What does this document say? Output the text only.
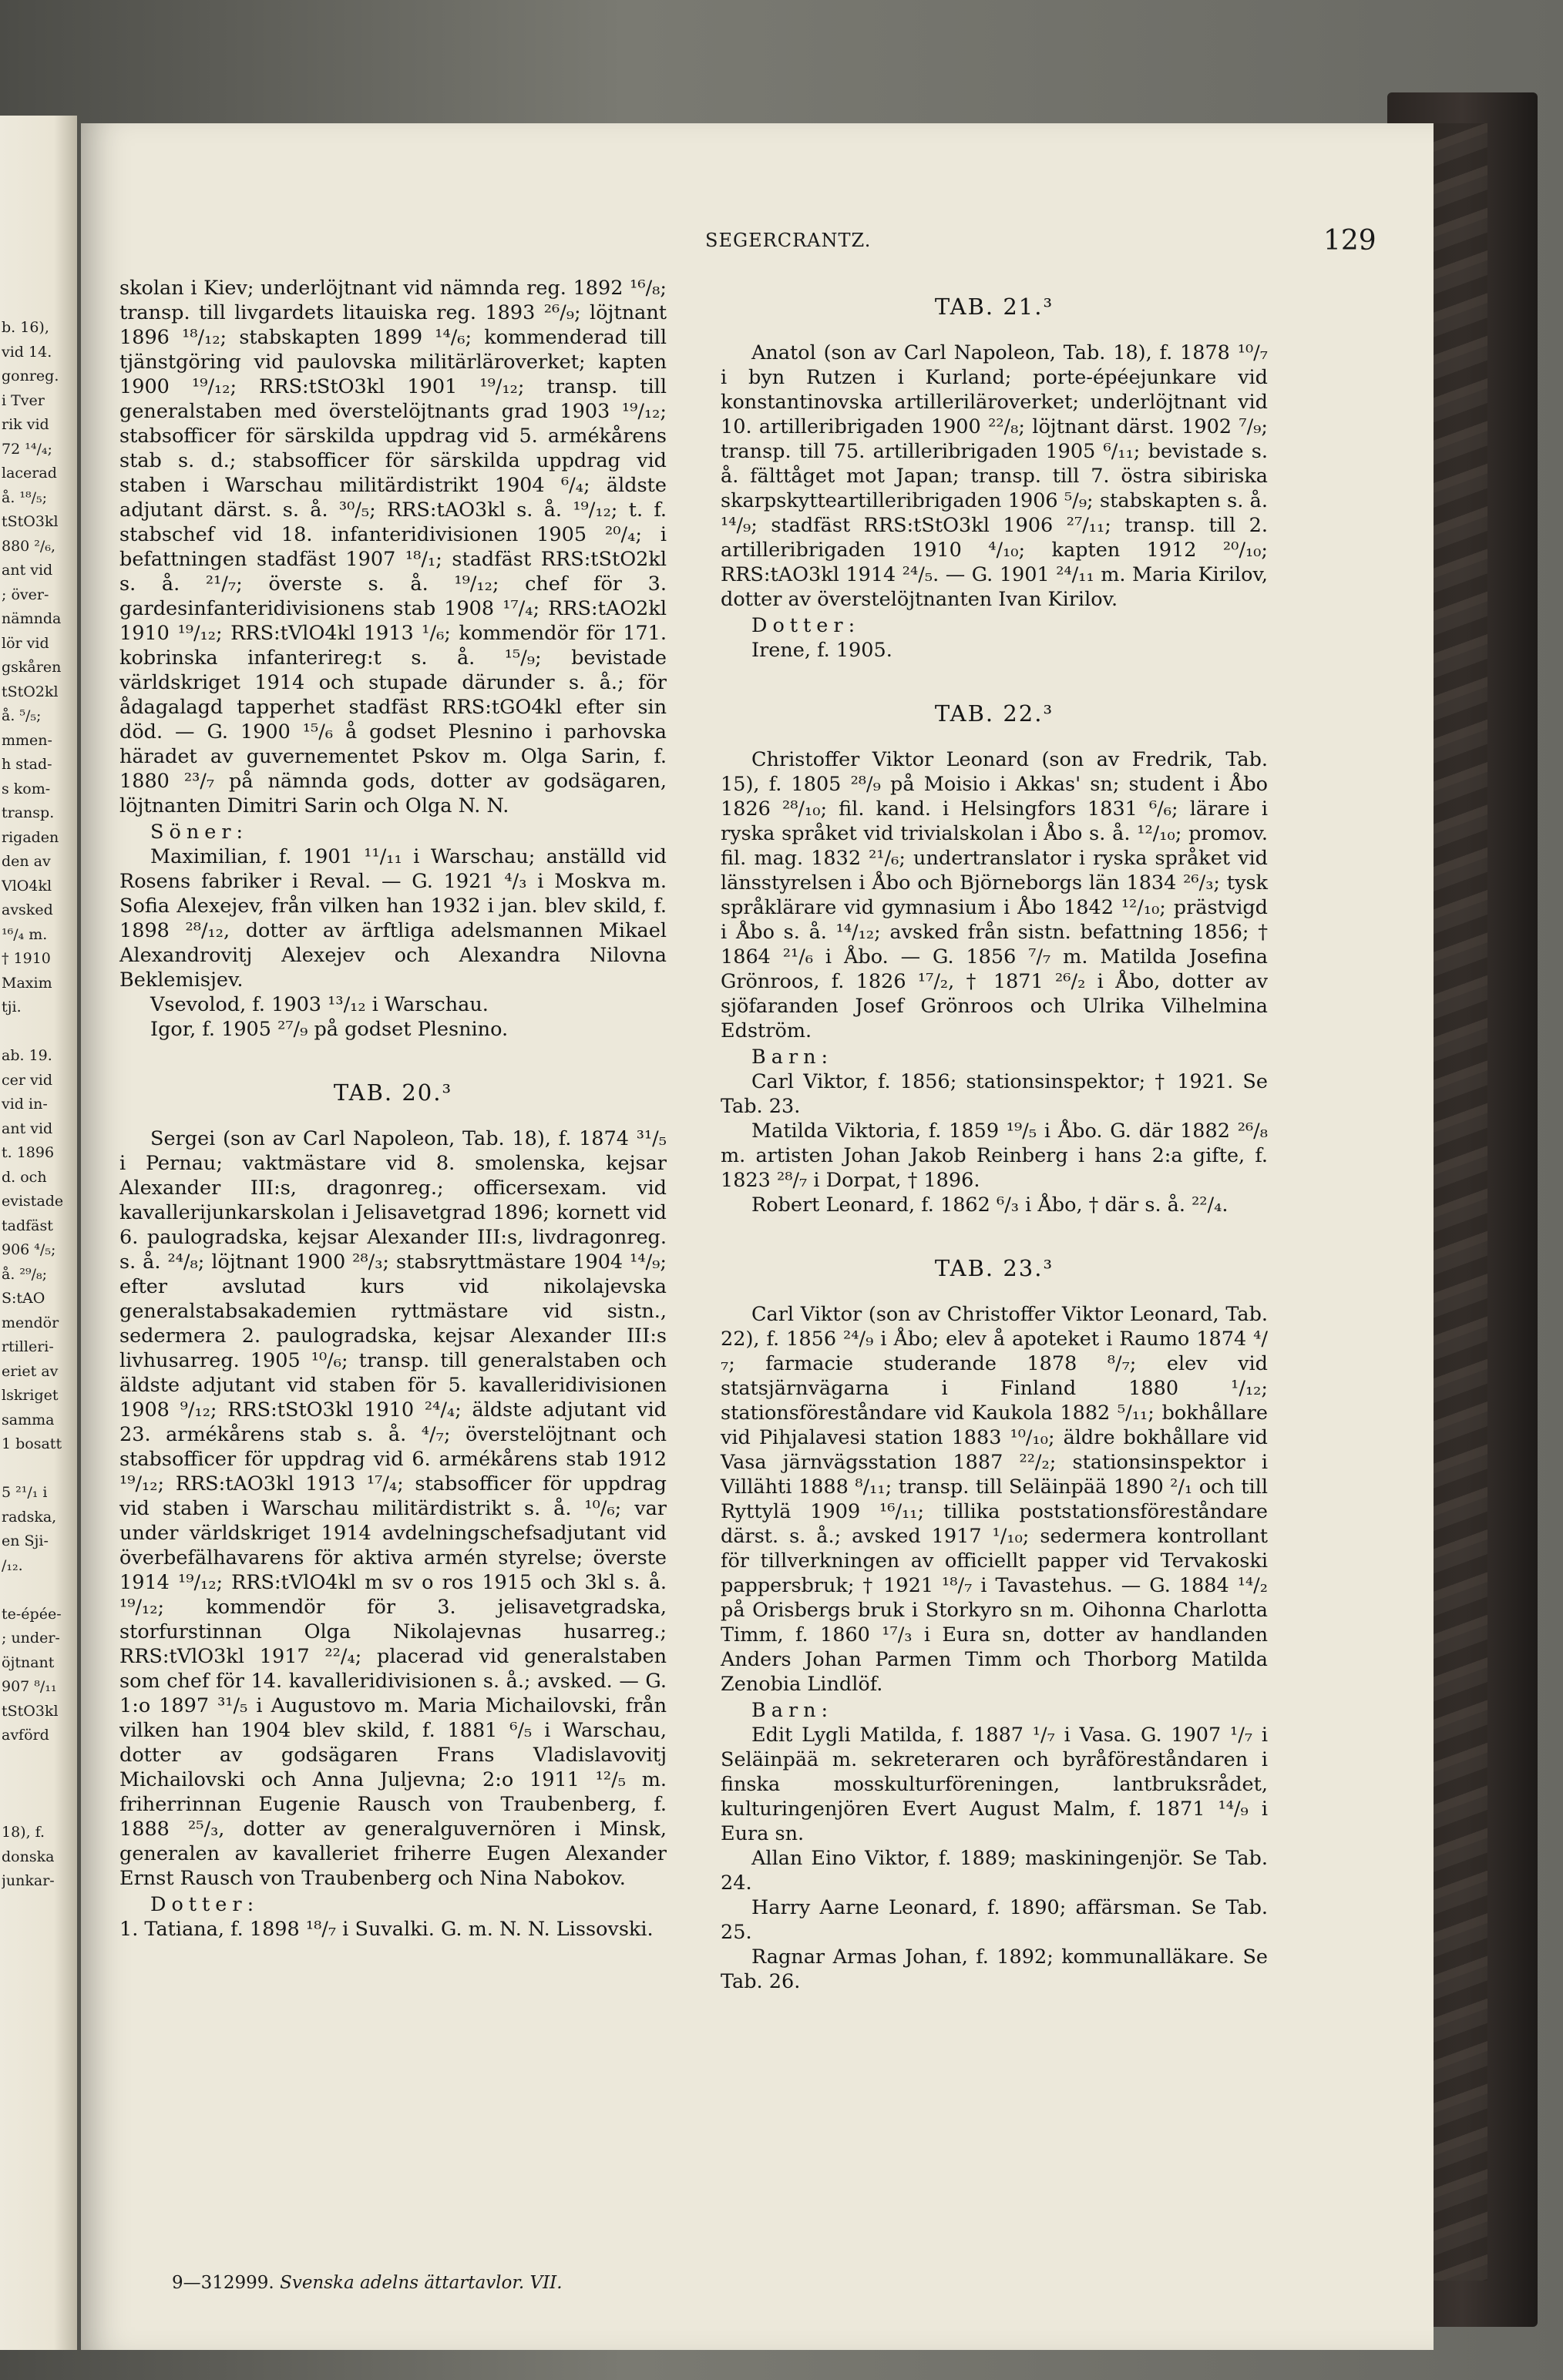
b. 16),
vid 14.
gonreg.
i Tver
rik vid
72 ¹⁴/₄;
lacerad
å. ¹⁸/₅;
tStO3kl
880 ²/₆,
ant vid
; över-
nämnda
lör vid
gskåren
tStO2kl
å. ⁵/₅;
mmen-
h stad-
s kom-
transp.
rigaden
den av
VlO4kl
avsked
¹⁶/₄ m.
† 1910
Maxim
tji.
ab. 19.
cer vid
vid in-
ant vid
t. 1896
d. och
evistade
tadfäst
906 ⁴/₅;
å. ²⁹/₈;
S:tAO
mendör
rtilleri-
eriet av
lskriget
samma
1 bosatt
5 ²¹/₁ i
radska,
en Sji-
/₁₂.
te-épée-
; under-
öjtnant
907 ⁸/₁₁
tStO3kl
avförd
18), f.
donska
junkar-
SEGERCRANTZ.	129

skolan i Kiev; underlöjtnant vid nämnda reg. 1892 ¹⁶/₈; transp. till livgardets litauiska reg. 1893 ²⁶/₉; löjtnant 1896 ¹⁸/₁₂; stabskapten 1899 ¹⁴/₆; kommenderad till tjänstgöring vid paulovska militärläroverket; kapten 1900 ¹⁹/₁₂; RRS:tStO3kl 1901 ¹⁹/₁₂; transp. till generalstaben med överstelöjtnants grad 1903 ¹⁹/₁₂; stabsofficer för särskilda uppdrag vid 5. armékårens stab s. d.; stabsofficer för särskilda uppdrag vid staben i Warschau militärdistrikt 1904 ⁶/₄; äldste adjutant därst. s. å. ³⁰/₅; RRS:tAO3kl s. å. ¹⁹/₁₂; t. f. stabschef vid 18. infanteridivisionen 1905 ²⁰/₄; i befattningen stadfäst 1907 ¹⁸/₁; stadfäst RRS:tStO2kl s. å. ²¹/₇; överste s. å. ¹⁹/₁₂; chef för 3. gardesinfanteridivisionens stab 1908 ¹⁷/₄; RRS:tAO2kl 1910 ¹⁹/₁₂; RRS:tVlO4kl 1913 ¹/₆; kommendör för 171. kobrinska infanterireg:t s. å. ¹⁵/₉; bevistade världskriget 1914 och stupade därunder s. å.; för ådagalagd tapperhet stadfäst RRS:tGO4kl efter sin död. — G. 1900 ¹⁵/₆ å godset Plesnino i parhovska häradet av guvernementet Pskov m. Olga Sarin, f. 1880 ²³/₇ på nämnda gods, dotter av godsägaren, löjtnanten Dimitri Sarin och Olga N. N.

Söner:

Maximilian, f. 1901 ¹¹/₁₁ i Warschau; anställd vid Rosens fabriker i Reval. — G. 1921 ⁴/₃ i Moskva m. Sofia Alexejev, från vilken han 1932 i jan. blev skild, f. 1898 ²⁸/₁₂, dotter av ärftliga adelsmannen Mikael Alexandrovitj Alexejev och Alexandra Nilovna Beklemisjev.

Vsevolod, f. 1903 ¹³/₁₂ i Warschau.

Igor, f. 1905 ²⁷/₉ på godset Plesnino.

TAB. 20.³

Sergei (son av Carl Napoleon, Tab. 18), f. 1874 ³¹/₅ i Pernau; vaktmästare vid 8. smolenska, kejsar Alexander III:s, dragonreg.; officersexam. vid kavallerijunkarskolan i Jelisavetgrad 1896; kornett vid 6. paulogradska, kejsar Alexander III:s, livdragonreg. s. å. ²⁴/₈; löjtnant 1900 ²⁸/₃; stabsryttmästare 1904 ¹⁴/₉; efter avslutad kurs vid nikolajevska generalstabsakademien ryttmästare vid sistn., sedermera 2. paulogradska, kejsar Alexander III:s livhusarreg. 1905 ¹⁰/₆; transp. till generalstaben och äldste adjutant vid staben för 5. kavalleridivisionen 1908 ⁹/₁₂; RRS:tStO3kl 1910 ²⁴/₄; äldste adjutant vid 23. armékårens stab s. å. ⁴/₇; överstelöjtnant och stabsofficer för uppdrag vid 6. armékårens stab 1912 ¹⁹/₁₂; RRS:tAO3kl 1913 ¹⁷/₄; stabsofficer för uppdrag vid staben i Warschau militärdistrikt s. å. ¹⁰/₆; var under världskriget 1914 avdelningschefsadjutant vid överbefälhavarens för aktiva armén styrelse; överste 1914 ¹⁹/₁₂; RRS:tVlO4kl m sv o ros 1915 och 3kl s. å. ¹⁹/₁₂; kommendör för 3. jelisavetgradska, storfurstinnan Olga Nikolajevnas husarreg.; RRS:tVlO3kl 1917 ²²/₄; placerad vid generalstaben som chef för 14. kavalleridivisionen s. å.; avsked. — G. 1:o 1897 ³¹/₅ i Augustovo m. Maria Michailovski, från vilken han 1904 blev skild, f. 1881 ⁶/₅ i Warschau, dotter av godsägaren Frans Vladislavovitj Michailovski och Anna Juljevna; 2:o 1911 ¹²/₅ m. friherrinnan Eugenie Rausch von Traubenberg, f. 1888 ²⁵/₃, dotter av generalguvernören i Minsk, generalen av kavalleriet friherre Eugen Alexander Ernst Rausch von Traubenberg och Nina Nabokov.

Dotter:

1. Tatiana, f. 1898 ¹⁸/₇ i Suvalki. G. m. N. N. Lissovski.

TAB. 21.³

Anatol (son av Carl Napoleon, Tab. 18), f. 1878 ¹⁰/₇ i byn Rutzen i Kurland; porte-épéejunkare vid konstantinovska artilleriläroverket; underlöjtnant vid 10. artilleribrigaden 1900 ²²/₈; löjtnant därst. 1902 ⁷/₉; transp. till 75. artilleribrigaden 1905 ⁶/₁₁; bevistade s. å. fälttåget mot Japan; transp. till 7. östra sibiriska skarpskytteartilleribrigaden 1906 ⁵/₉; stabskapten s. å. ¹⁴/₉; stadfäst RRS:tStO3kl 1906 ²⁷/₁₁; transp. till 2. artilleribrigaden 1910 ⁴/₁₀; kapten 1912 ²⁰/₁₀; RRS:tAO3kl 1914 ²⁴/₅. — G. 1901 ²⁴/₁₁ m. Maria Kirilov, dotter av överstelöjtnanten Ivan Kirilov.

Dotter:

Irene, f. 1905.

TAB. 22.³

Christoffer Viktor Leonard (son av Fredrik, Tab. 15), f. 1805 ²⁸/₉ på Moisio i Akkas' sn; student i Åbo 1826 ²⁸/₁₀; fil. kand. i Helsingfors 1831 ⁶/₆; lärare i ryska språket vid trivialskolan i Åbo s. å. ¹²/₁₀; promov. fil. mag. 1832 ²¹/₆; undertranslator i ryska språket vid länsstyrelsen i Åbo och Björneborgs län 1834 ²⁶/₃; tysk språklärare vid gymnasium i Åbo 1842 ¹²/₁₀; prästvigd i Åbo s. å. ¹⁴/₁₂; avsked från sistn. befattning 1856; † 1864 ²¹/₆ i Åbo. — G. 1856 ⁷/₇ m. Matilda Josefina Grönroos, f. 1826 ¹⁷/₂, † 1871 ²⁶/₂ i Åbo, dotter av sjöfaranden Josef Grönroos och Ulrika Vilhelmina Edström.

Barn:

Carl Viktor, f. 1856; stationsinspektor; † 1921. Se Tab. 23.

Matilda Viktoria, f. 1859 ¹⁹/₅ i Åbo. G. där 1882 ²⁶/₈ m. artisten Johan Jakob Reinberg i hans 2:a gifte, f. 1823 ²⁸/₇ i Dorpat, † 1896.

Robert Leonard, f. 1862 ⁶/₃ i Åbo, † där s. å. ²²/₄.

TAB. 23.³

Carl Viktor (son av Christoffer Viktor Leonard, Tab. 22), f. 1856 ²⁴/₉ i Åbo; elev å apoteket i Raumo 1874 ⁴/₇; farmacie studerande 1878 ⁸/₇; elev vid statsjärnvägarna i Finland 1880 ¹/₁₂; stationsföreståndare vid Kaukola 1882 ⁵/₁₁; bokhållare vid Pihjalavesi station 1883 ¹⁰/₁₀; äldre bokhållare vid Vasa järnvägsstation 1887 ²²/₂; stationsinspektor i Villähti 1888 ⁸/₁₁; transp. till Seläinpää 1890 ²/₁ och till Ryttylä 1909 ¹⁶/₁₁; tillika poststationsföreståndare därst. s. å.; avsked 1917 ¹/₁₀; sedermera kontrollant för tillverkningen av officiellt papper vid Tervakoski pappersbruk; † 1921 ¹⁸/₇ i Tavastehus. — G. 1884 ¹⁴/₂ på Orisbergs bruk i Storkyro sn m. Oihonna Charlotta Timm, f. 1860 ¹⁷/₃ i Eura sn, dotter av handlanden Anders Johan Parmen Timm och Thorborg Matilda Zenobia Lindlöf.

Barn:

Edit Lygli Matilda, f. 1887 ¹/₇ i Vasa. G. 1907 ¹/₇ i Seläinpää m. sekreteraren och byråföreståndaren i finska mosskulturföreningen, lantbruksrådet, kulturingenjören Evert August Malm, f. 1871 ¹⁴/₉ i Eura sn.

Allan Eino Viktor, f. 1889; maskiningenjör. Se Tab. 24.

Harry Aarne Leonard, f. 1890; affärsman. Se Tab. 25.

Ragnar Armas Johan, f. 1892; kommunalläkare. Se Tab. 26.

9—312999. Svenska adelns ättartavlor. VII.
